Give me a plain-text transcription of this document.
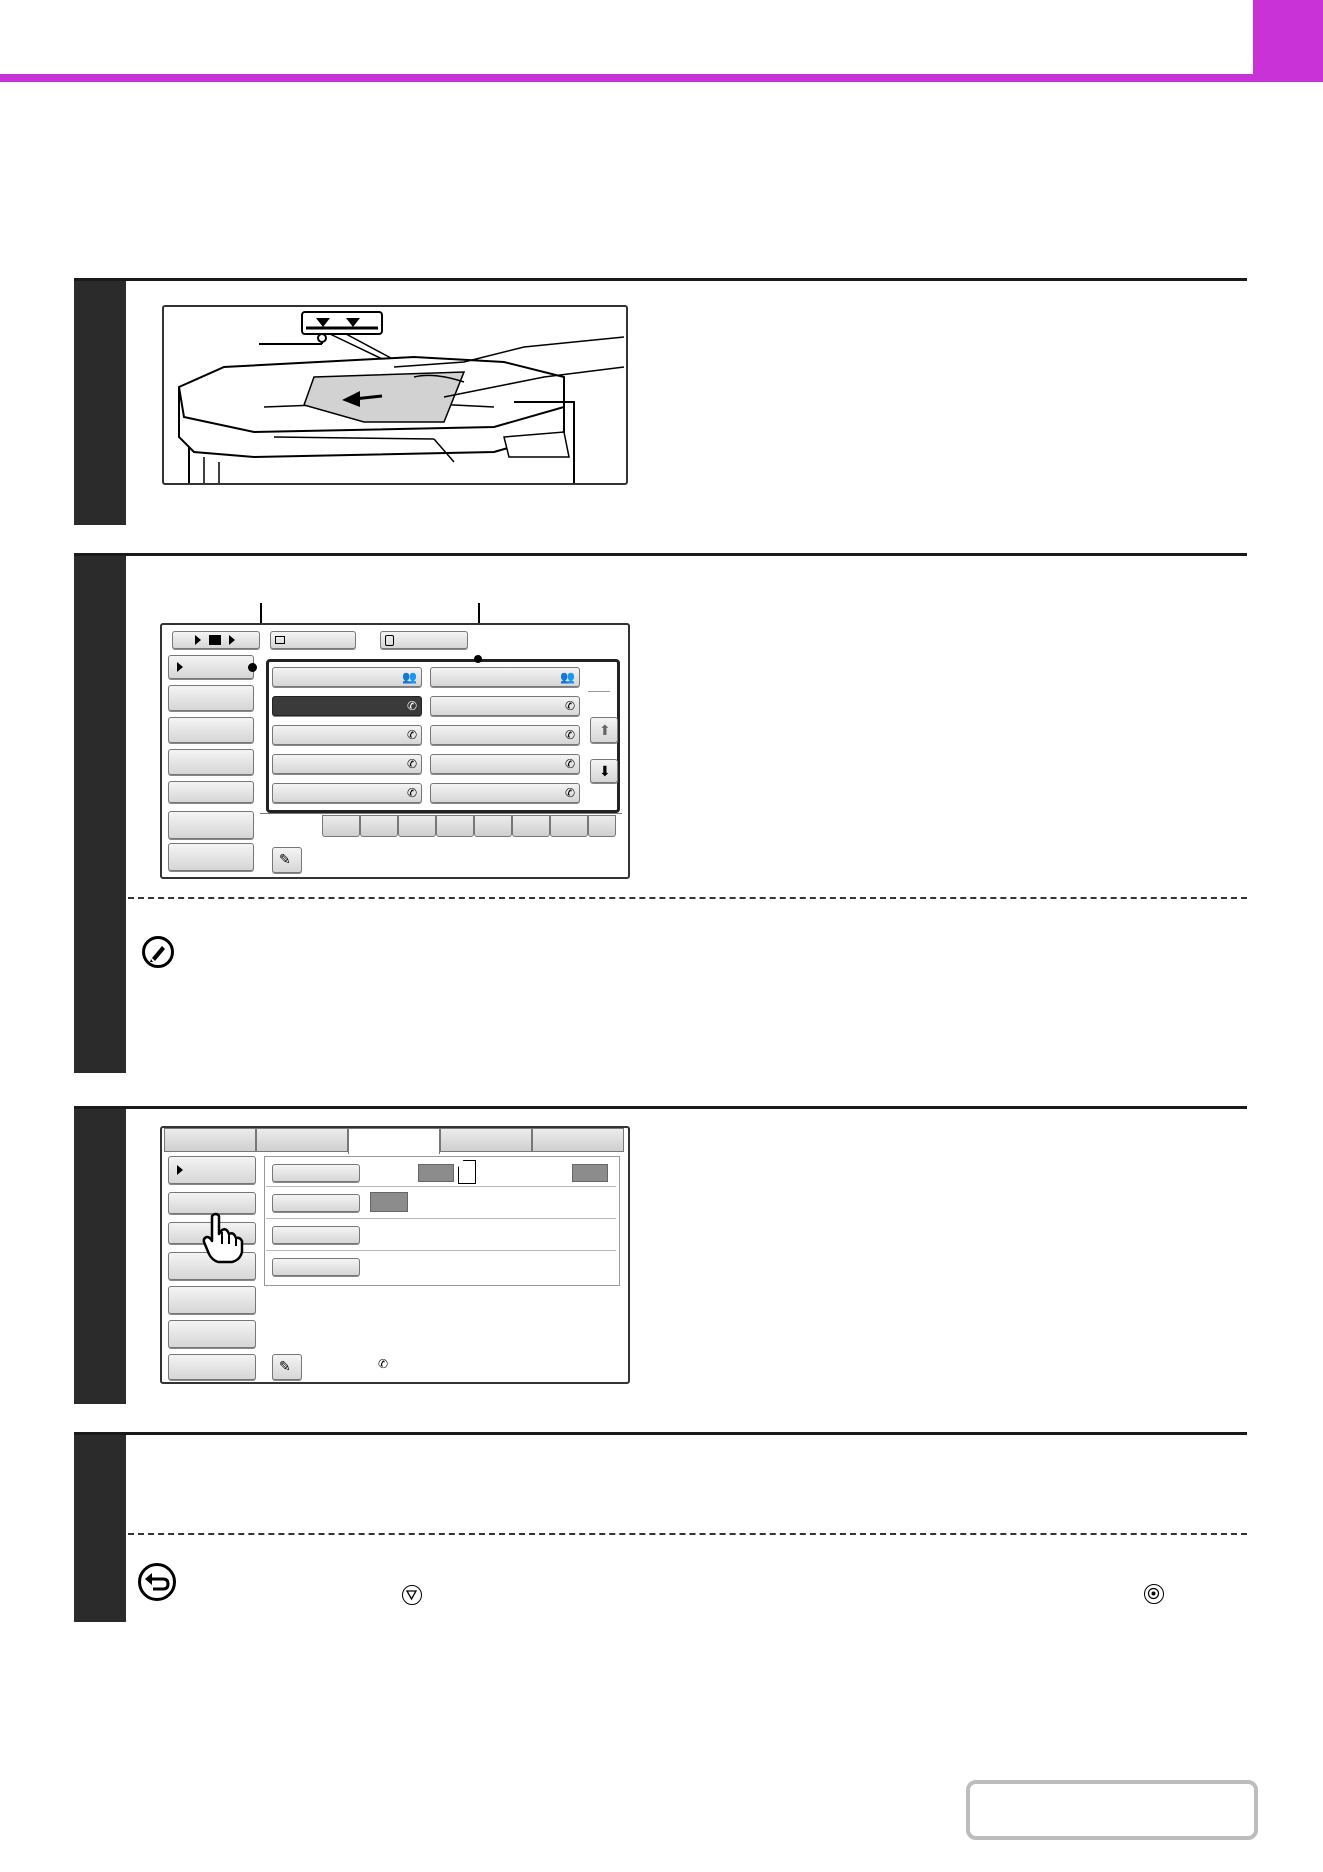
👥	👥
✆	✆
✆	✆
✆	✆
✆	✆
⬆
⬇
✎
✎	✆
